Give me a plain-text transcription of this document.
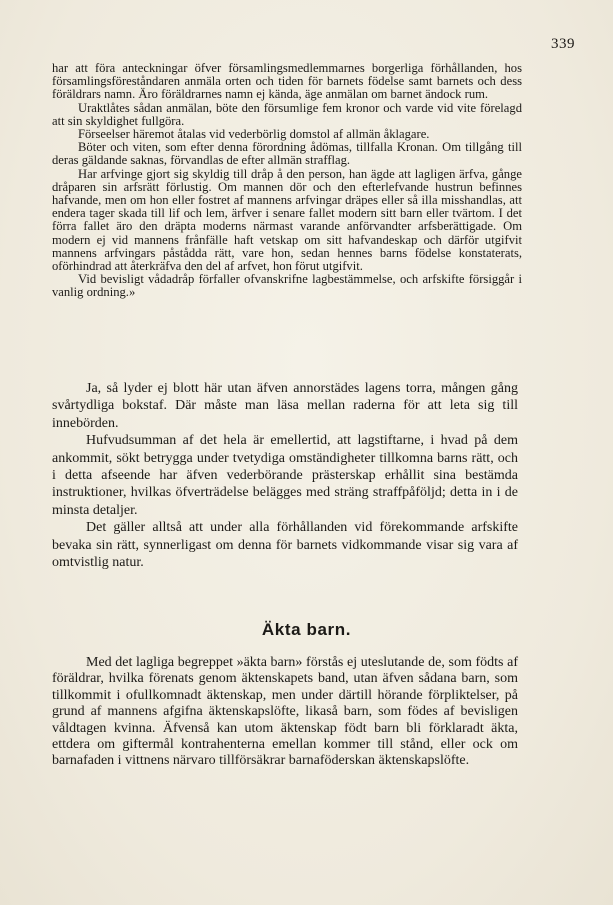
339

har att föra anteckningar öfver församlingsmedlemmarnes borgerliga förhållanden, hos församlingsföreståndaren anmäla orten och tiden för barnets födelse samt barnets och dess föräldrars namn. Äro föräldrarnes namn ej kända, äge anmälan om barnet ändock rum.

Uraktlåtes sådan anmälan, böte den försumlige fem kronor och varde vid vite förelagd att sin skyldighet fullgöra.

Förseelser häremot åtalas vid vederbörlig domstol af allmän åklagare.

Böter och viten, som efter denna förordning ådömas, tillfalla Kronan. Om tillgång till deras gäldande saknas, förvandlas de efter allmän strafflag.

Har arfvinge gjort sig skyldig till dråp å den person, han ägde att lagligen ärfva, gånge dråparen sin arfsrätt förlustig. Om mannen dör och den efterlefvande hustrun befinnes hafvande, men om hon eller fostret af mannens arfvingar dräpes eller så illa misshandlas, att endera tager skada till lif och lem, ärfver i senare fallet modern sitt barn eller tvärtom. I det förra fallet äro den dräpta moderns närmast varande anförvandter arfsberättigade. Om modern ej vid mannens frånfälle haft vetskap om sitt hafvandeskap och därför utgifvit mannens arfvingars påstådda rätt, vare hon, sedan hennes barns födelse konstaterats, oförhindrad att återkräfva den del af arfvet, hon förut utgifvit.

Vid bevisligt vådadråp förfaller ofvanskrifne lagbestämmelse, och arfskifte försiggår i vanlig ordning.»

Ja, så lyder ej blott här utan äfven annorstädes lagens torra, mången gång svårtydliga bokstaf. Där måste man läsa mellan raderna för att leta sig till innebörden.

Hufvudsumman af det hela är emellertid, att lagstiftarne, i hvad på dem ankommit, sökt betrygga under tvetydiga omständigheter tillkomna barns rätt, och i detta afseende har äfven vederbörande prästerskap erhållit sina bestämda instruktioner, hvilkas öfverträdelse belägges med sträng straffpåföljd; detta in i de minsta detaljer.

Det gäller alltså att under alla förhållanden vid förekommande arfskifte bevaka sin rätt, synnerligast om denna för barnets vidkommande visar sig vara af omtvistlig natur.

Äkta barn.

Med det lagliga begreppet »äkta barn» förstås ej uteslutande de, som födts af föräldrar, hvilka förenats genom äktenskapets band, utan äfven sådana barn, som tillkommit i ofullkomnadt äktenskap, men under därtill hörande förpliktelser, på grund af mannens afgifna äktenskapslöfte, likaså barn, som födes af bevisligen våldtagen kvinna. Äfvenså kan utom äktenskap födt barn bli förklaradt äkta, ettdera om giftermål kontrahenterna emellan kommer till stånd, eller ock om barnafaden i vittnens närvaro tillförsäkrar barnaföderskan äktenskapslöfte.
